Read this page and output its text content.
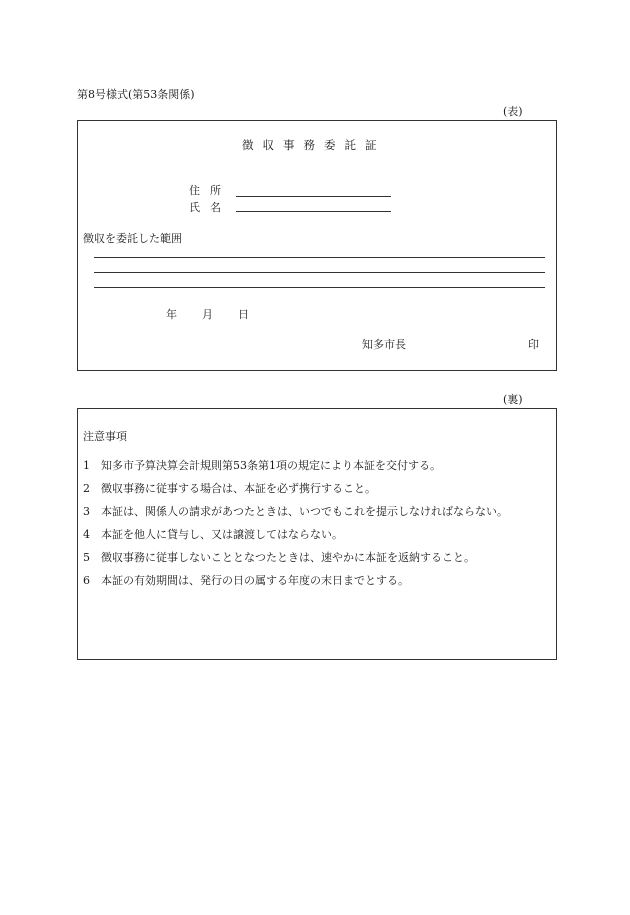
第8号様式(第53条関係)
(表)
徴収事務委託証
住所
氏名
徴収を委託した範囲
年 月 日
知多市長	印
(裏)
注意事項
1 知多市予算決算会計規則第53条第1項の規定により本証を交付する。
2 徴収事務に従事する場合は、本証を必ず携行すること。
3 本証は、関係人の請求があつたときは、いつでもこれを提示しなければならない。
4 本証を他人に貸与し、又は譲渡してはならない。
5 徴収事務に従事しないこととなつたときは、速やかに本証を返納すること。
6 本証の有効期間は、発行の日の属する年度の末日までとする。
